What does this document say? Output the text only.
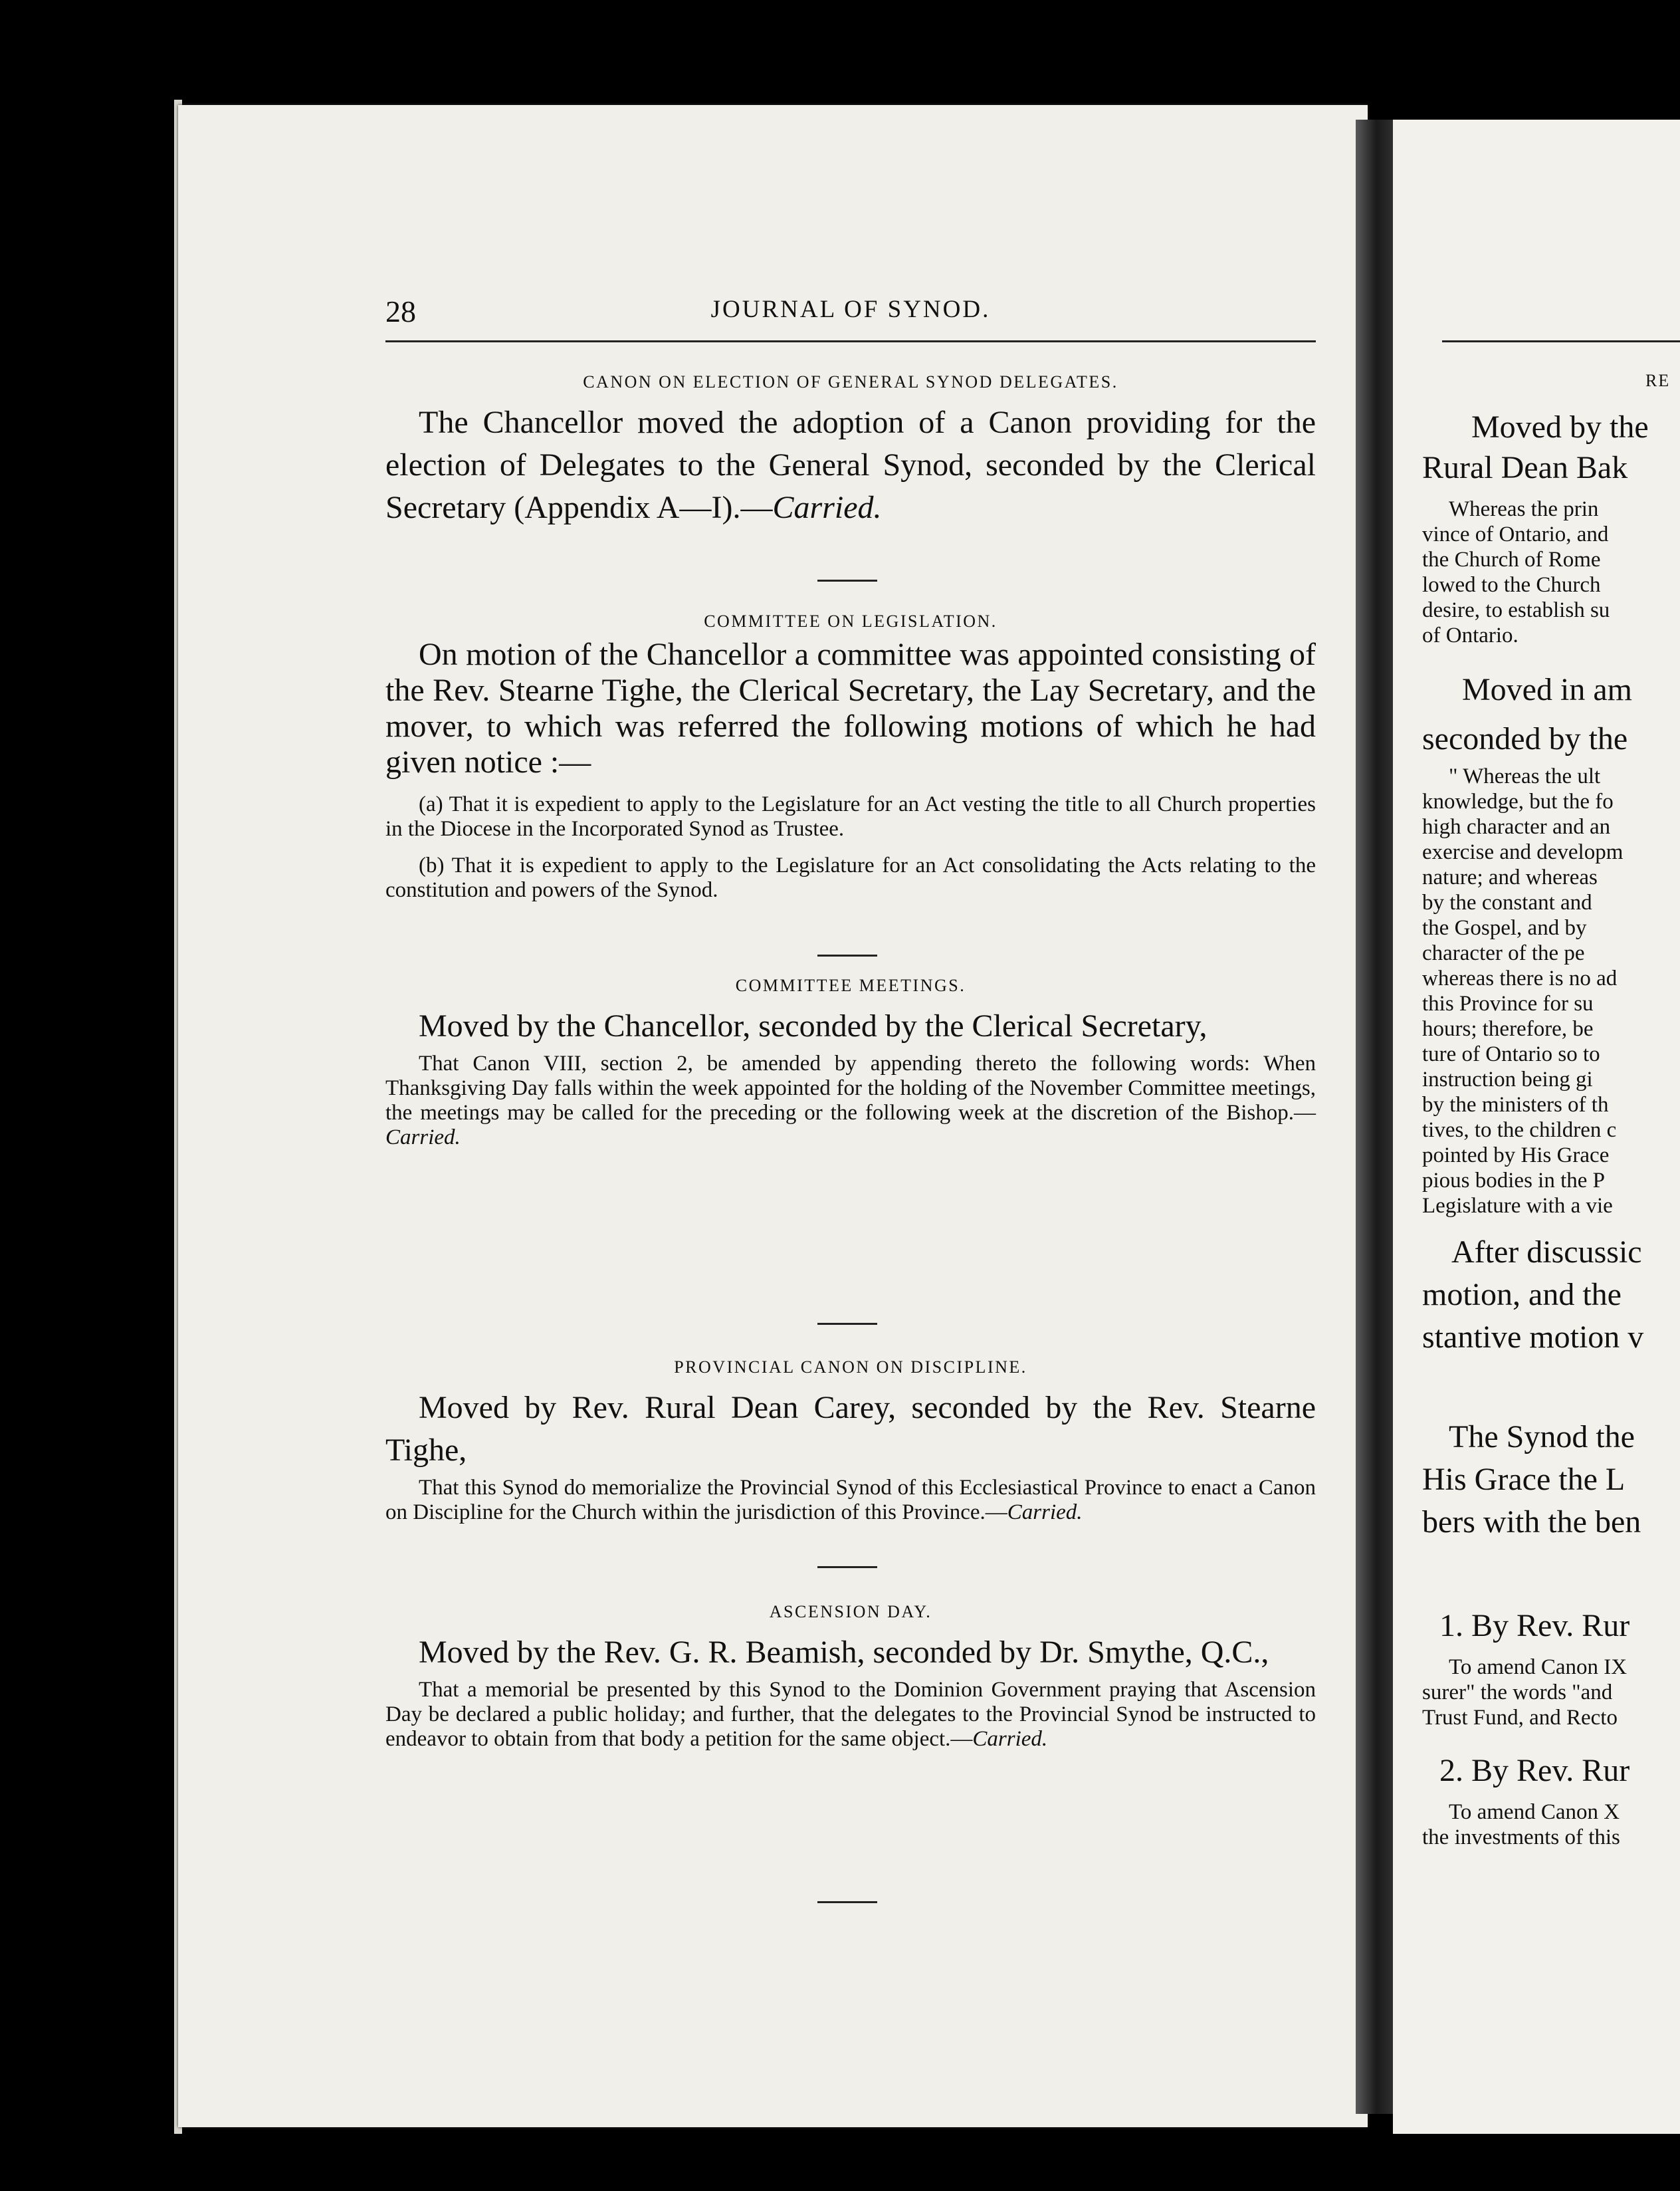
28	JOURNAL OF SYNOD.

CANON ON ELECTION OF GENERAL SYNOD DELEGATES.

The Chancellor moved the adoption of a Canon providing for the election of Delegates to the General Synod, seconded by the Clerical Secretary (Appendix A—I).—Carried.

COMMITTEE ON LEGISLATION.

On motion of the Chancellor a committee was appointed consisting of the Rev. Stearne Tighe, the Clerical Secretary, the Lay Secretary, and the mover, to which was referred the following motions of which he had given notice :—

(a) That it is expedient to apply to the Legislature for an Act vesting the title to all Church properties in the Diocese in the Incorporated Synod as Trustee.

(b) That it is expedient to apply to the Legislature for an Act consolidating the Acts relating to the constitution and powers of the Synod.

COMMITTEE MEETINGS.

Moved by the Chancellor, seconded by the Clerical Secretary,

That Canon VIII, section 2, be amended by appending thereto the following words: When Thanksgiving Day falls within the week appointed for the holding of the November Committee meetings, the meetings may be called for the preceding or the following week at the discretion of the Bishop.—Carried.

PROVINCIAL CANON ON DISCIPLINE.

Moved by Rev. Rural Dean Carey, seconded by the Rev. Stearne Tighe,

That this Synod do memorialize the Provincial Synod of this Ecclesiastical Province to enact a Canon on Discipline for the Church within the jurisdiction of this Province.—Carried.

ASCENSION DAY.

Moved by the Rev. G. R. Beamish, seconded by Dr. Smythe, Q.C.,

That a memorial be presented by this Synod to the Dominion Government praying that Ascension Day be declared a public holiday; and further, that the delegates to the Provincial Synod be instructed to endeavor to obtain from that body a petition for the same object.—Carried.

RE
Moved by the
Rural Dean Bak
Whereas the prin
vince of Ontario, and
the Church of Rome
lowed to the Church
desire, to establish su
of Ontario.
Moved in am
seconded by the
" Whereas the ult
knowledge, but the fo
high character and an
exercise and developm
nature; and whereas
by the constant and
the Gospel, and by
character of the pe
whereas there is no ad
this Province for su
hours; therefore, be
ture of Ontario so to
instruction being gi
by the ministers of th
tives, to the children c
pointed by His Grace
pious bodies in the P
Legislature with a vie
After discussic
motion, and the
stantive motion v
The Synod the
His Grace the L
bers with the ben
1. By Rev. Rur
To amend Canon IX
surer" the words "and
Trust Fund, and Recto
2. By Rev. Rur
To amend Canon X
the investments of this
